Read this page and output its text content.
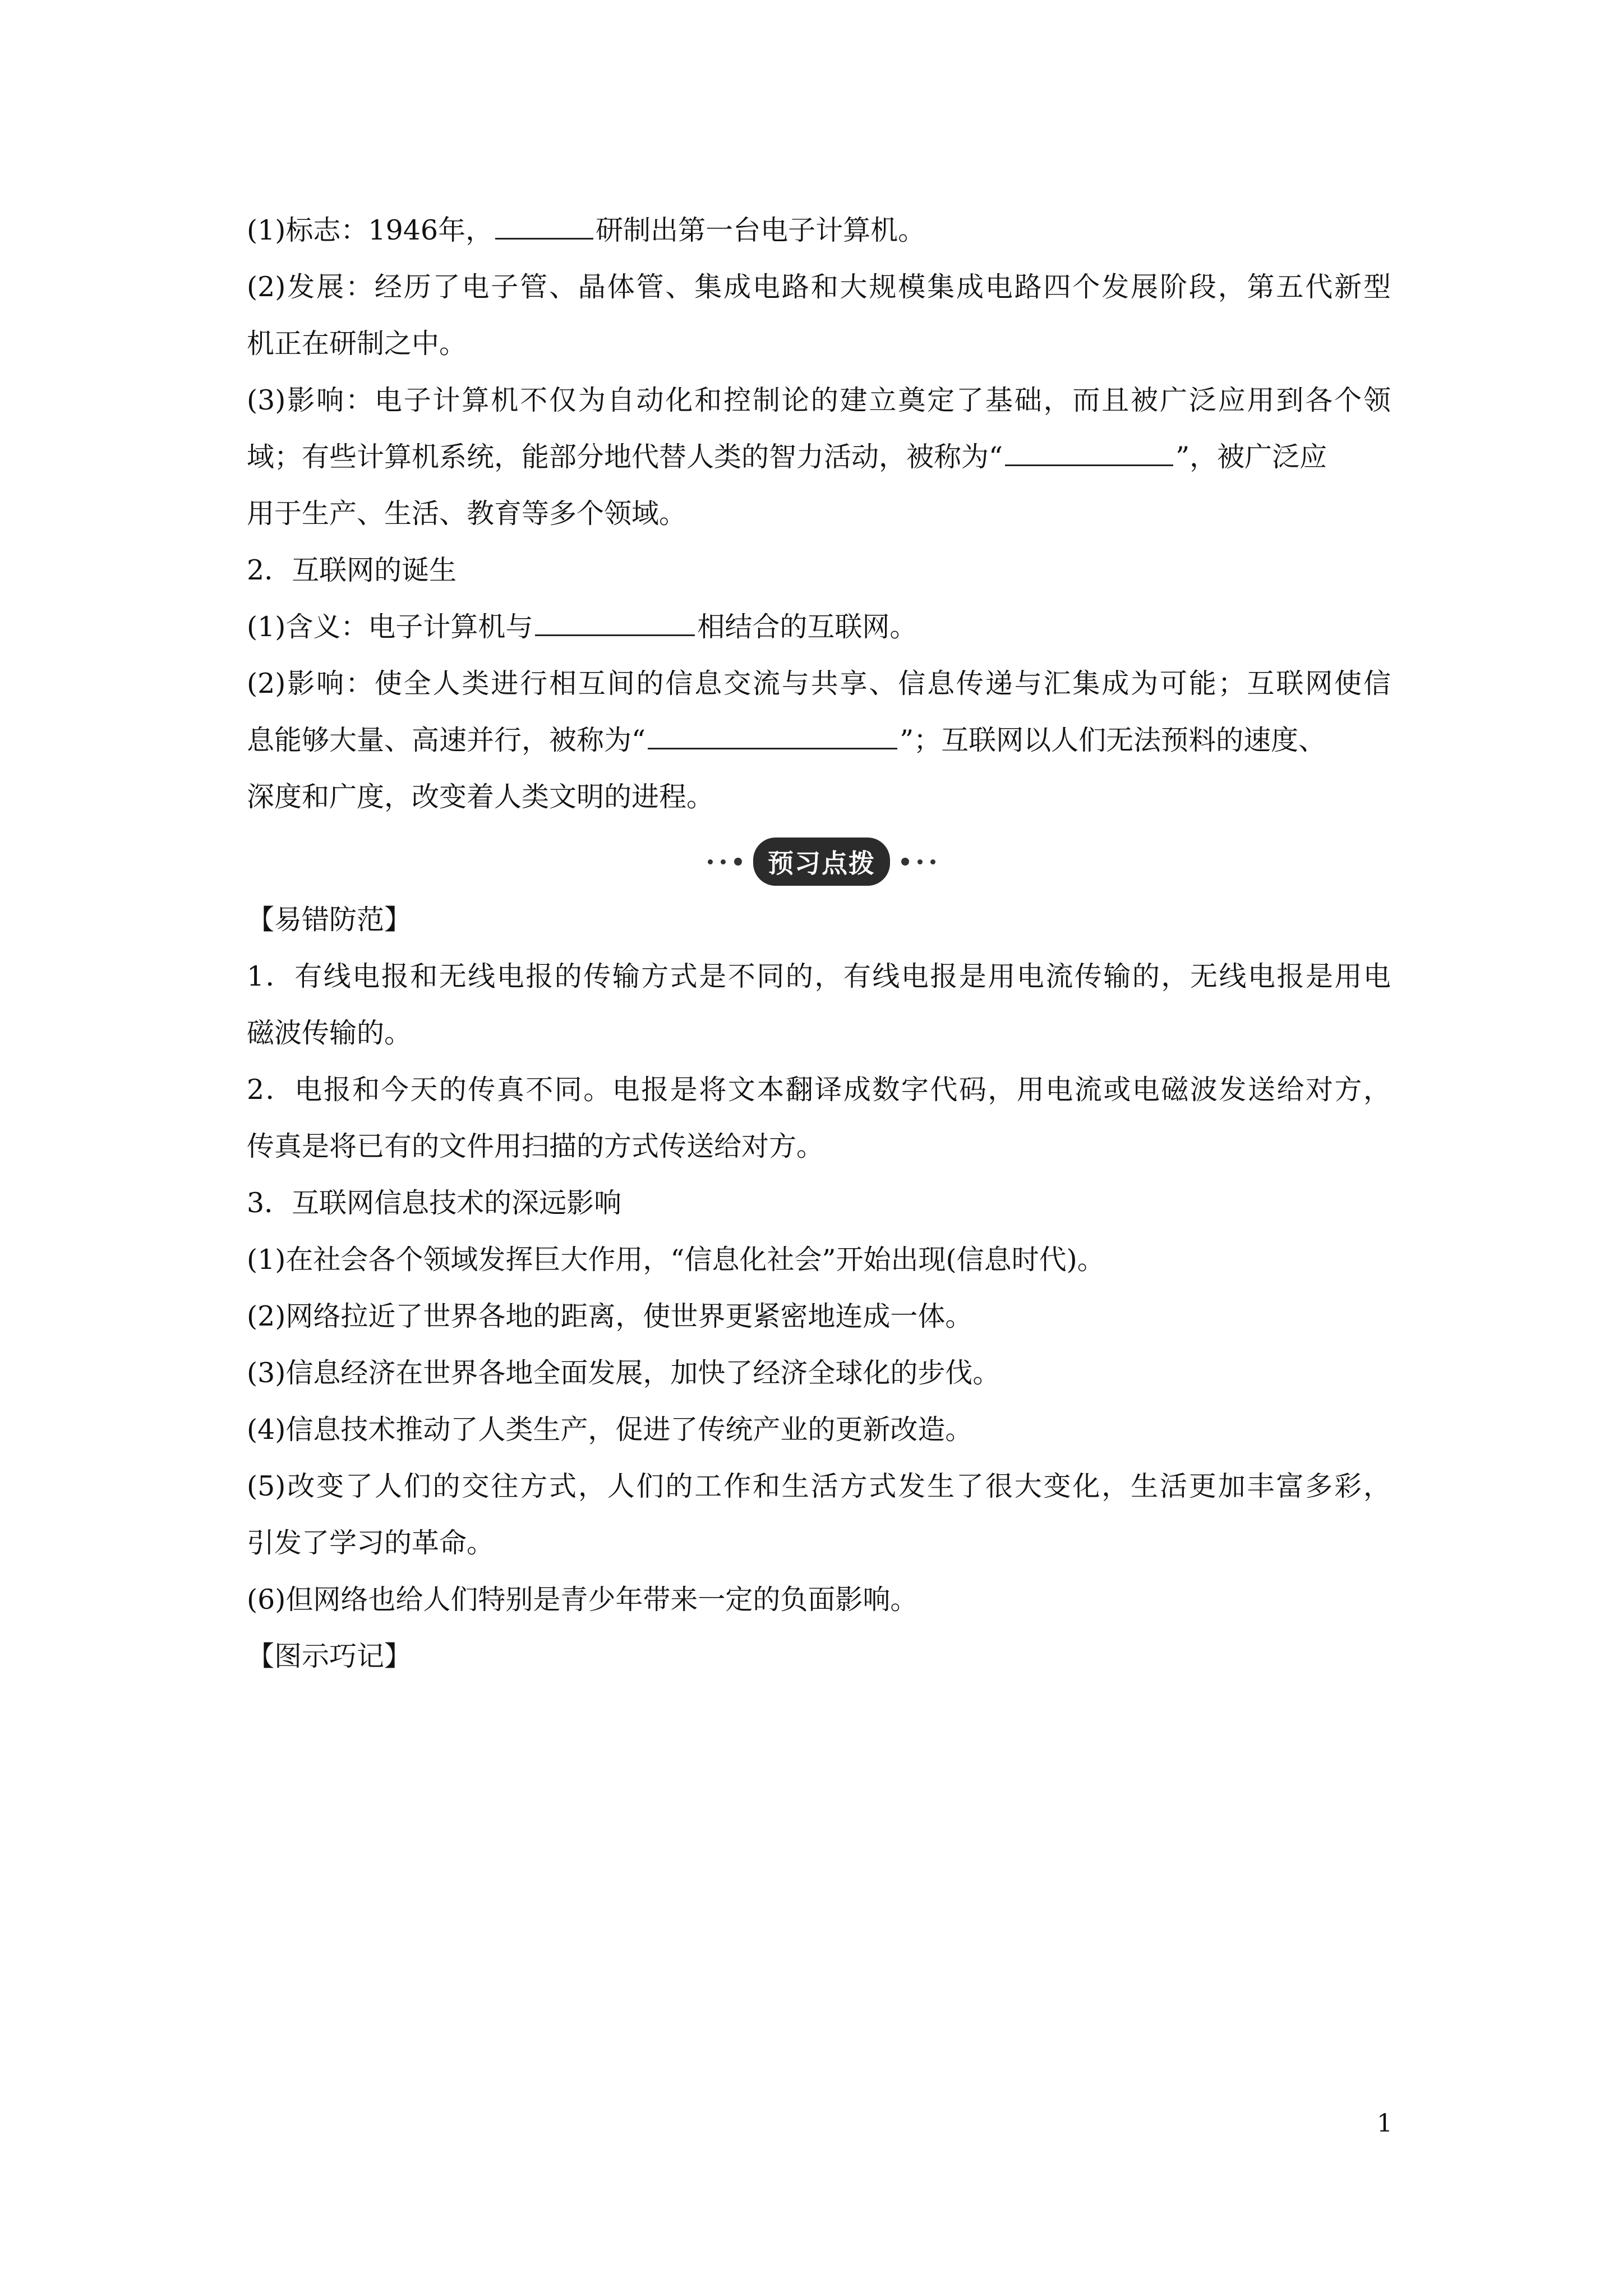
(1)标志：1946年，	研制出第一台电子计算机。
(2)发展：经历了电子管、晶体管、集成电路和大规模集成电路四个发展阶段，第五代新型
机正在研制之中。
(3)影响：电子计算机不仅为自动化和控制论的建立奠定了基础，而且被广泛应用到各个领
域；有些计算机系统，能部分地代替人类的智力活动，被称为“	”，被广泛应
用于生产、生活、教育等多个领域。
2．互联网的诞生
(1)含义：电子计算机与	相结合的互联网。
(2)影响：使全人类进行相互间的信息交流与共享、信息传递与汇集成为可能；互联网使信
息能够大量、高速并行，被称为“	”；互联网以人们无法预料的速度、
深度和广度，改变着人类文明的进程。
预习点拨
【易错防范】
1．有线电报和无线电报的传输方式是不同的，有线电报是用电流传输的，无线电报是用电
磁波传输的。
2．电报和今天的传真不同。电报是将文本翻译成数字代码，用电流或电磁波发送给对方，
传真是将已有的文件用扫描的方式传送给对方。
3．互联网信息技术的深远影响
(1)在社会各个领域发挥巨大作用，“信息化社会”开始出现(信息时代)。
(2)网络拉近了世界各地的距离，使世界更紧密地连成一体。
(3)信息经济在世界各地全面发展，加快了经济全球化的步伐。
(4)信息技术推动了人类生产，促进了传统产业的更新改造。
(5)改变了人们的交往方式，人们的工作和生活方式发生了很大变化，生活更加丰富多彩，
引发了学习的革命。
(6)但网络也给人们特别是青少年带来一定的负面影响。
【图示巧记】
1
